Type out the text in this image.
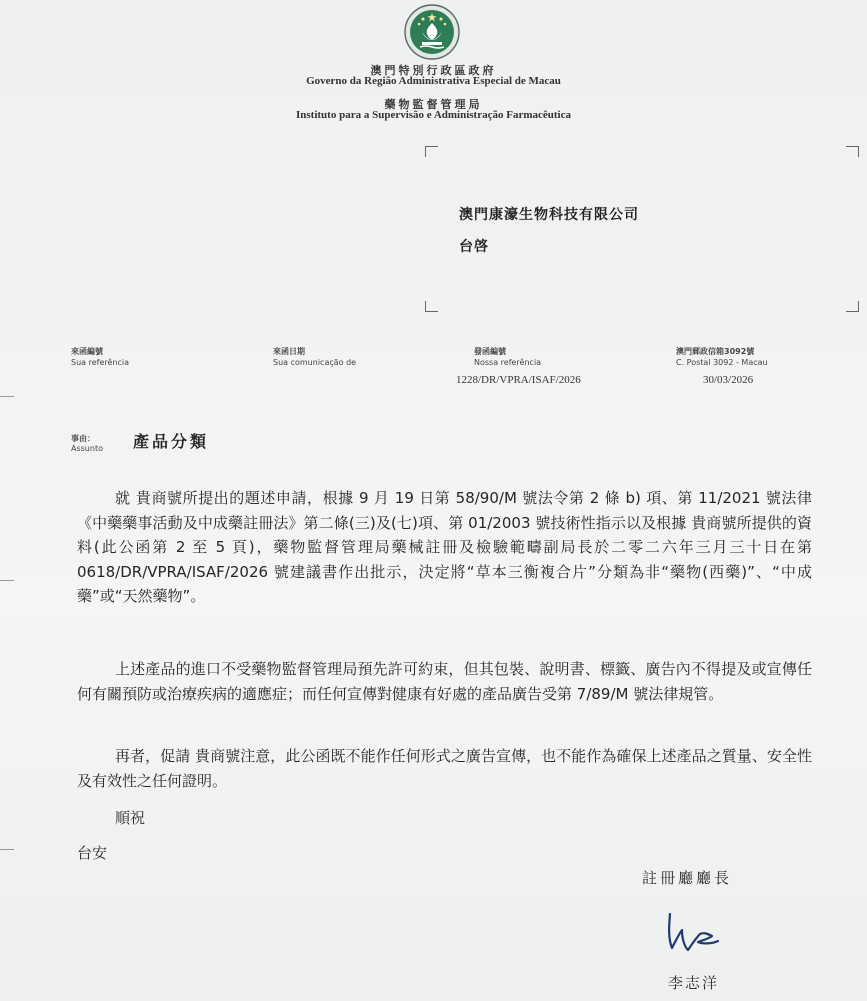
澳門特別行政區政府
Governo da Região Administrativa Especial de Macau
藥物監督管理局
Instituto para a Supervisão e Administração Farmacêutica
澳門康濠生物科技有限公司
台啓
來函編號
Sua referência
來函日期
Sua comunicação de
發函編號
Nossa referência
1228/DR/VPRA/ISAF/2026
澳門郵政信箱3092號
C. Postal 3092 - Macau
30/03/2026
事由：
Assunto 產品分類
就 貴商號所提出的題述申請，根據 9 月 19 日第 58/90/M 號法令第 2 條 b) 項、第 11/2021 號法律《中藥藥事活動及中成藥註冊法》第二條(三)及(七)項、第 01/2003 號技術性指示以及根據 貴商號所提供的資料(此公函第 2 至 5 頁)，藥物監督管理局藥械註冊及檢驗範疇副局長於二零二六年三月三十日在第 0618/DR/VPRA/ISAF/2026 號建議書作出批示，決定將“草本三衡複合片”分類為非“藥物(西藥)”、“中成藥”或“天然藥物”。
上述產品的進口不受藥物監督管理局預先許可約束，但其包裝、說明書、標籤、廣告內不得提及或宣傳任何有關預防或治療疾病的適應症；而任何宣傳對健康有好處的產品廣告受第 7/89/M 號法律規管。
再者，促請 貴商號注意，此公函既不能作任何形式之廣告宣傳，也不能作為確保上述產品之質量、安全性及有效性之任何證明。
順祝
台安
註冊廳廳長
李志洋
